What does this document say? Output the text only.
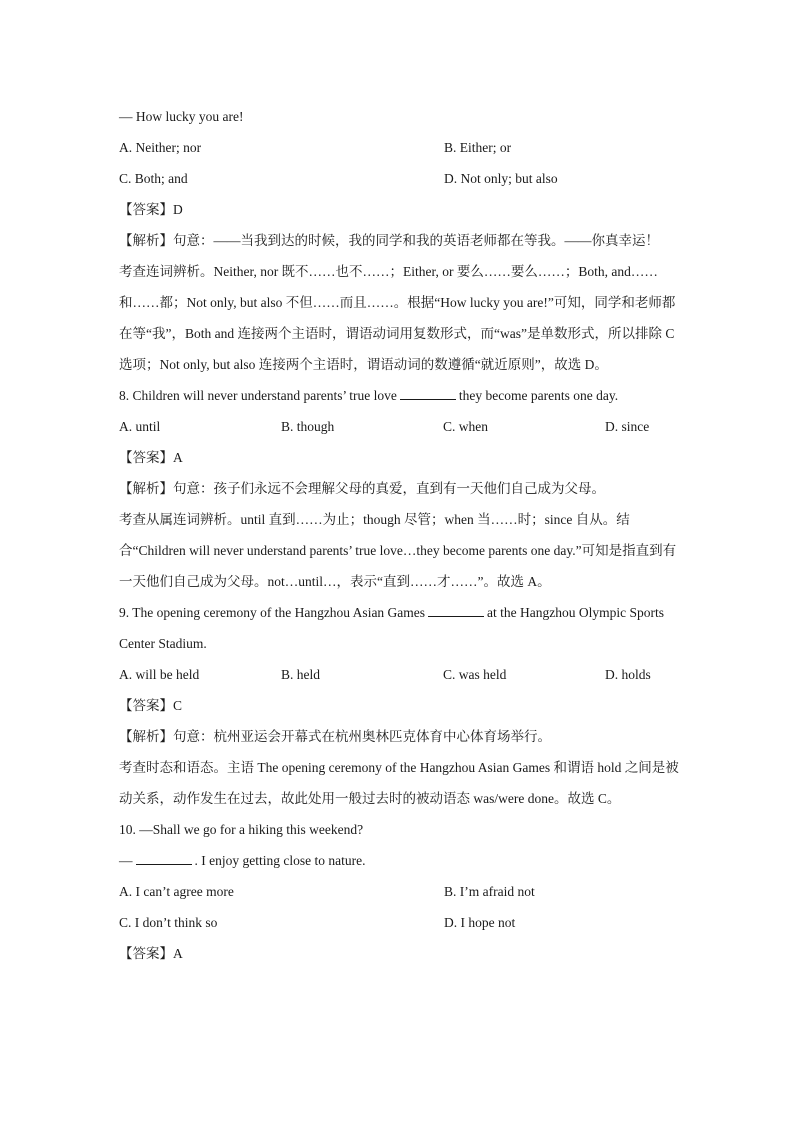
— How lucky you are!
A. Neither; nor	B. Either; or
C. Both; and	D. Not only; but also
【答案】D
【解析】句意：——当我到达的时候，我的同学和我的英语老师都在等我。——你真幸运！
考查连词辨析。Neither, nor 既不……也不……；Either, or 要么……要么……；Both, and……和……都；Not only, but also 不但……而且……。根据“How lucky you are!”可知，同学和老师都在等“我”，Both and 连接两个主语时，谓语动词用复数形式，而“was”是单数形式，所以排除 C 选项；Not only, but also 连接两个主语时，谓语动词的数遵循“就近原则”，故选 D。
8. Children will never understand parents’ true love	they become parents one day.
A. until	B. though	C. when	D. since
【答案】A
【解析】句意：孩子们永远不会理解父母的真爱，直到有一天他们自己成为父母。
考查从属连词辨析。until 直到……为止；though 尽管；when 当……时；since 自从。结合“Children will never understand parents’ true love…they become parents one day.”可知是指直到有一天他们自己成为父母。not…until…，表示“直到……才……”。故选 A。
9. The opening ceremony of the Hangzhou Asian Games	at the Hangzhou Olympic Sports Center Stadium.
A. will be held	B. held	C. was held	D. holds
【答案】C
【解析】句意：杭州亚运会开幕式在杭州奥林匹克体育中心体育场举行。
考查时态和语态。主语 The opening ceremony of the Hangzhou Asian Games 和谓语 hold 之间是被动关系，动作发生在过去，故此处用一般过去时的被动语态 was/were done。故选 C。
10. —Shall we go for a hiking this weekend?
—	. I enjoy getting close to nature.
A. I can’t agree more	B. I’m afraid not
C. I don’t think so	D. I hope not
【答案】A
